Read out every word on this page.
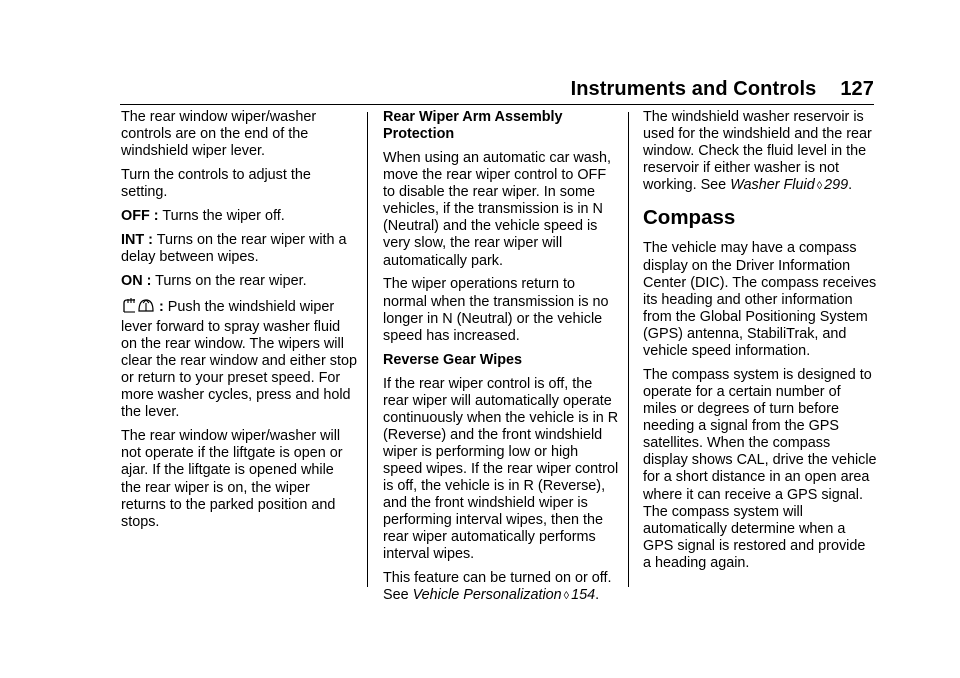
Instruments and Controls 127

The rear window wiper/washer controls are on the end of the windshield wiper lever.

Turn the controls to adjust the setting.

OFF : Turns the wiper off.

INT : Turns on the rear wiper with a delay between wipes.

ON : Turns on the rear wiper.

: Push the windshield wiper lever forward to spray washer fluid on the rear window. The wipers will clear the rear window and either stop or return to your preset speed. For more washer cycles, press and hold the lever.

The rear window wiper/washer will not operate if the liftgate is open or ajar. If the liftgate is opened while the rear wiper is on, the wiper returns to the parked position and stops.

Rear Wiper Arm Assembly Protection

When using an automatic car wash, move the rear wiper control to OFF to disable the rear wiper. In some vehicles, if the transmission is in N (Neutral) and the vehicle speed is very slow, the rear wiper will automatically park.

The wiper operations return to normal when the transmission is no longer in N (Neutral) or the vehicle speed has increased.

Reverse Gear Wipes

If the rear wiper control is off, the rear wiper will automatically operate continuously when the vehicle is in R (Reverse) and the front windshield wiper is performing low or high speed wipes. If the rear wiper control is off, the vehicle is in R (Reverse), and the front windshield wiper is performing interval wipes, then the rear wiper automatically performs interval wipes.

This feature can be turned on or off. See Vehicle Personalization ◊ 154.

The windshield washer reservoir is used for the windshield and the rear window. Check the fluid level in the reservoir if either washer is not working. See Washer Fluid ◊ 299.

Compass

The vehicle may have a compass display on the Driver Information Center (DIC). The compass receives its heading and other information from the Global Positioning System (GPS) antenna, StabiliTrak, and vehicle speed information.

The compass system is designed to operate for a certain number of miles or degrees of turn before needing a signal from the GPS satellites. When the compass display shows CAL, drive the vehicle for a short distance in an open area where it can receive a GPS signal. The compass system will automatically determine when a GPS signal is restored and provide a heading again.
